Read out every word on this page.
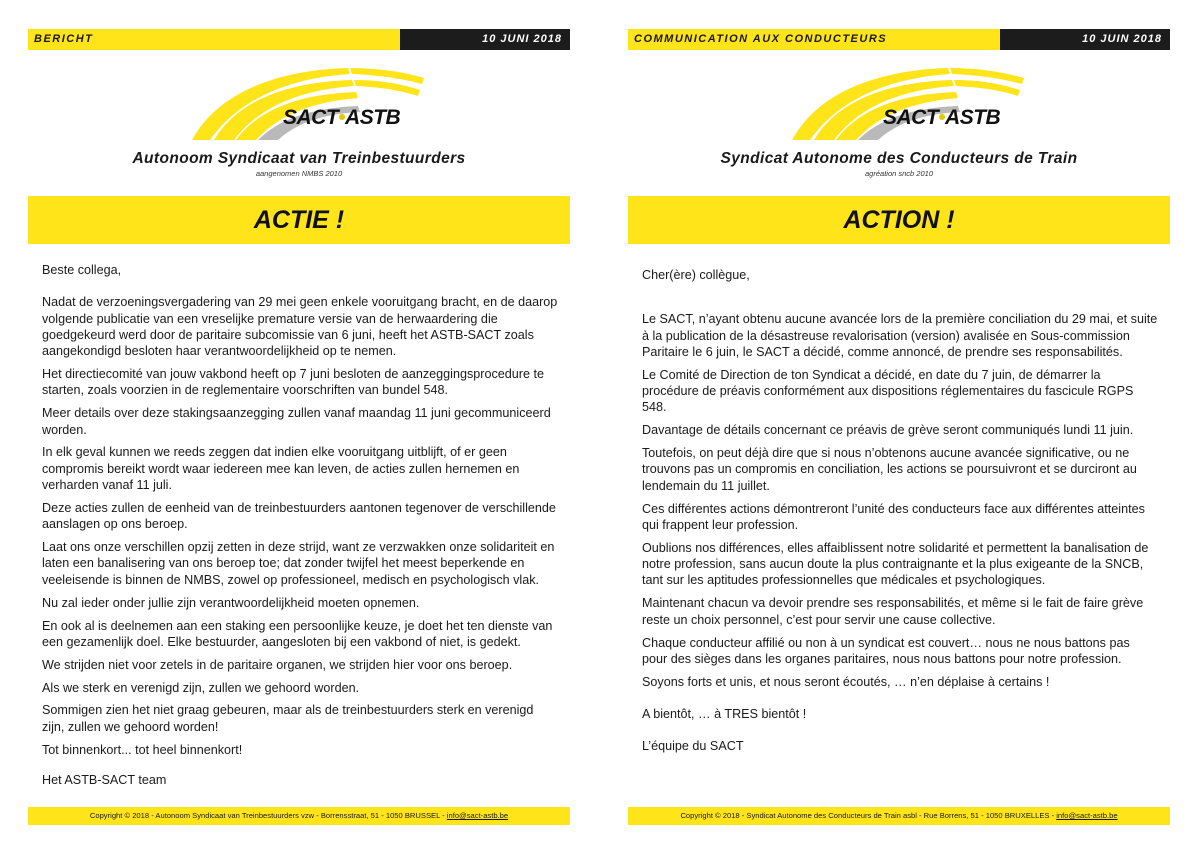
BERICHT	10 JUNI 2018
SACT•ASTB
Autonoom Syndicaat van Treinbestuurders
aangenomen NMBS 2010
ACTIE !

Beste collega,

Nadat de verzoeningsvergadering van 29 mei geen enkele vooruitgang bracht, en de daarop volgende publicatie van een vreselijke premature versie van de herwaardering die goedgekeurd werd door de paritaire subcomissie van 6 juni, heeft het ASTB-SACT zoals aangekondigd besloten haar verantwoordelijkheid op te nemen.

Het directiecomité van jouw vakbond heeft op 7 juni besloten de aanzeggingsprocedure te starten, zoals voorzien in de reglementaire voorschriften van bundel 548.

Meer details over deze stakingsaanzegging zullen vanaf maandag 11 juni gecommuniceerd worden.

In elk geval kunnen we reeds zeggen dat indien elke vooruitgang uitblijft, of er geen compromis bereikt wordt waar iedereen mee kan leven, de acties zullen hernemen en verharden vanaf 11 juli.

Deze acties zullen de eenheid van de treinbestuurders aantonen tegenover de verschillende aanslagen op ons beroep.

Laat ons onze verschillen opzij zetten in deze strijd, want ze verzwakken onze solidariteit en laten een banalisering van ons beroep toe; dat zonder twijfel het meest beperkende en veeleisende is binnen de NMBS, zowel op professioneel, medisch en psychologisch vlak.

Nu zal ieder onder jullie zijn verantwoordelijkheid moeten opnemen.

En ook al is deelnemen aan een staking een persoonlijke keuze, je doet het ten dienste van een gezamenlijk doel. Elke bestuurder, aangesloten bij een vakbond of niet, is gedekt.

We strijden niet voor zetels in de paritaire organen, we strijden hier voor ons beroep.

Als we sterk en verenigd zijn, zullen we gehoord worden.

Sommigen zien het niet graag gebeuren, maar als de treinbestuurders sterk en verenigd zijn, zullen we gehoord worden!

Tot binnenkort... tot heel binnenkort!

Het ASTB-SACT team

Copyright © 2018 - Autonoom Syndicaat van Treinbestuurders vzw - Borrensstraat, 51 - 1050 BRUSSEL - info@sact-astb.be
COMMUNICATION AUX CONDUCTEURS	10 JUIN 2018
SACT•ASTB
Syndicat Autonome des Conducteurs de Train
agréation sncb 2010
ACTION !

Cher(ère) collègue,

Le SACT, n’ayant obtenu aucune avancée lors de la première conciliation du 29 mai, et suite à la publication de la désastreuse revalorisation (version) avalisée en Sous-commission Paritaire le 6 juin, le SACT a décidé, comme annoncé, de prendre ses responsabilités.

Le Comité de Direction de ton Syndicat a décidé, en date du 7 juin, de démarrer la procédure de préavis conformément aux dispositions réglementaires du fascicule RGPS 548.

Davantage de détails concernant ce préavis de grève seront communiqués lundi 11 juin.

Toutefois, on peut déjà dire que si nous n’obtenons aucune avancée significative, ou ne trouvons pas un compromis en conciliation, les actions se poursuivront et se durciront au lendemain du 11 juillet.

Ces différentes actions démontreront l’unité des conducteurs face aux différentes atteintes qui frappent leur profession.

Oublions nos différences, elles affaiblissent notre solidarité et permettent la banalisation de notre profession, sans aucun doute la plus contraignante et la plus exigeante de la SNCB, tant sur les aptitudes professionnelles que médicales et psychologiques.

Maintenant chacun va devoir prendre ses responsabilités, et même si le fait de faire grève reste un choix personnel, c’est pour servir une cause collective.

Chaque conducteur affilié ou non à un syndicat est couvert… nous ne nous battons pas pour des sièges dans les organes paritaires, nous nous battons pour notre profession.

Soyons forts et unis, et nous seront écoutés, … n’en déplaise à certains !

A bientôt, … à TRES bientôt !

L’équipe du SACT

Copyright © 2018 - Syndicat Autonome des Conducteurs de Train asbl - Rue Borrens, 51 - 1050 BRUXELLES - info@sact-astb.be
